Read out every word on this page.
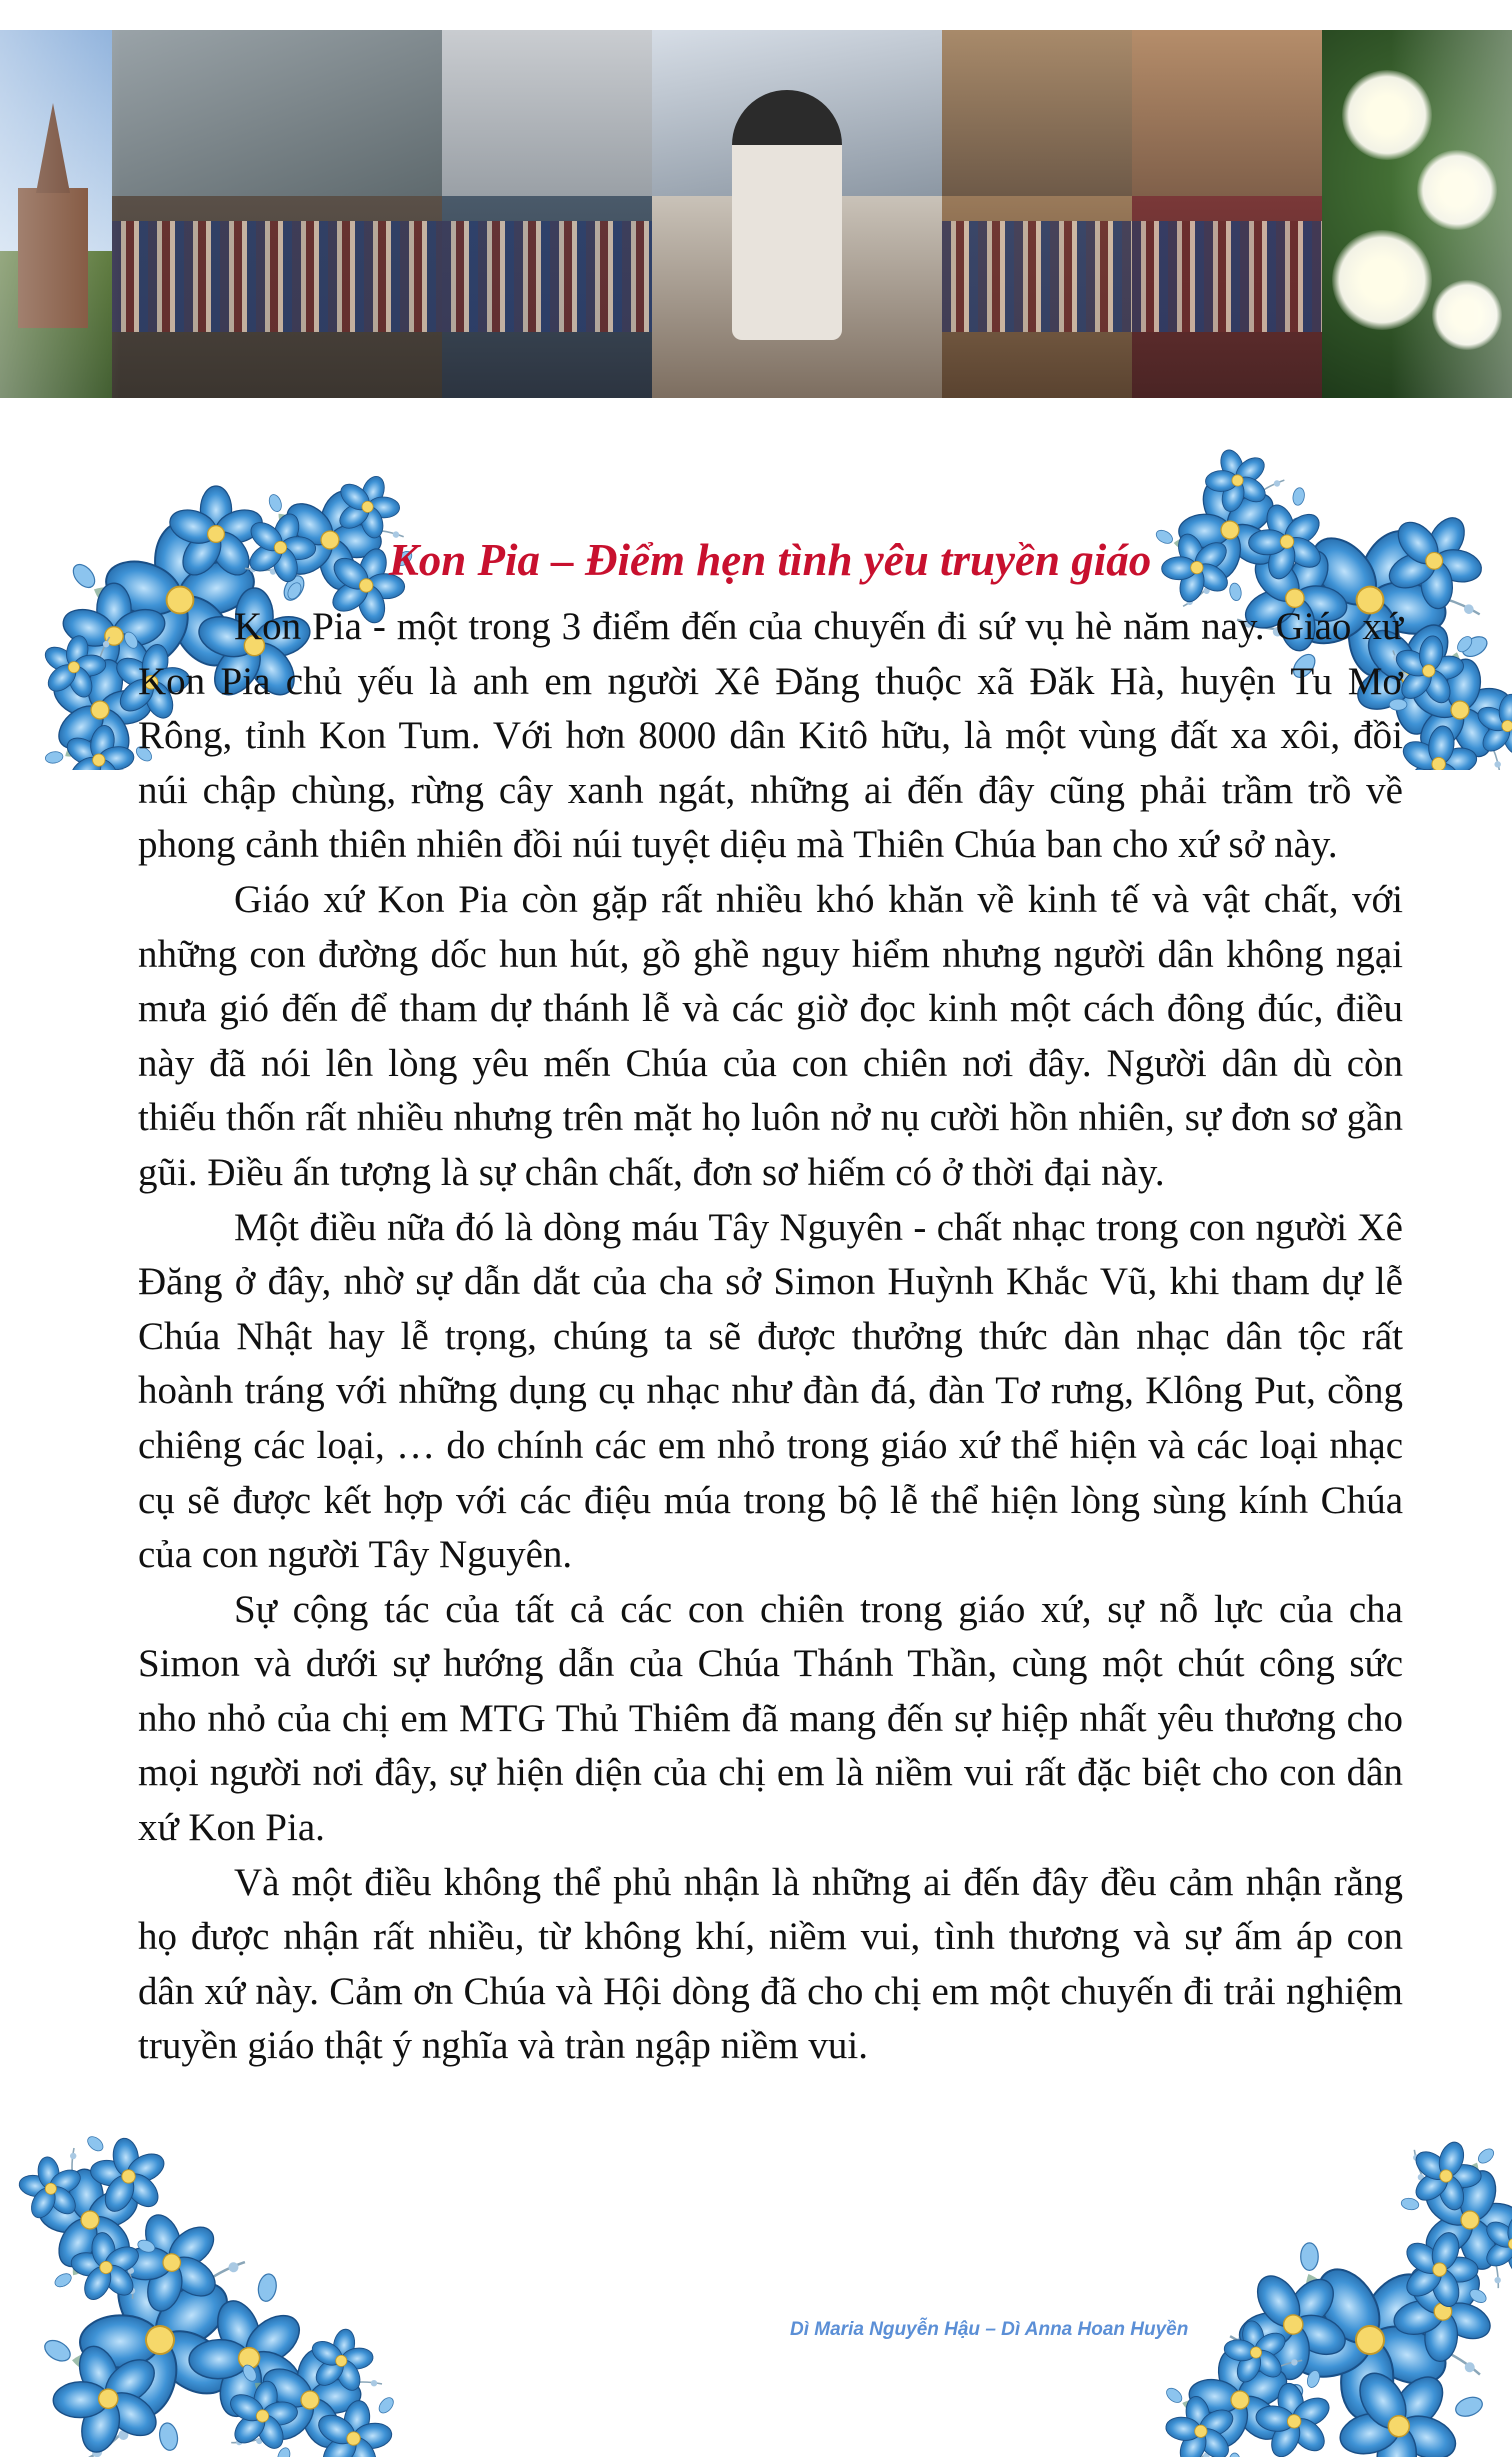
Kon Pia – Điểm hẹn tình yêu truyền giáo

Kon Pia - một trong 3 điểm đến của chuyến đi sứ vụ hè năm nay. Giáo xứ Kon Pia chủ yếu là anh em người Xê Đăng thuộc xã Đăk Hà, huyện Tu Mơ Rông, tỉnh Kon Tum. Với hơn 8000 dân Kitô hữu, là một vùng đất xa xôi, đồi núi chập chùng, rừng cây xanh ngát, những ai đến đây cũng phải trầm trồ về phong cảnh thiên nhiên đồi núi tuyệt diệu mà Thiên Chúa ban cho xứ sở này.

Giáo xứ Kon Pia còn gặp rất nhiều khó khăn về kinh tế và vật chất, với những con đường dốc hun hút, gồ ghề nguy hiểm nhưng người dân không ngại mưa gió đến để tham dự thánh lễ và các giờ đọc kinh một cách đông đúc, điều này đã nói lên lòng yêu mến Chúa của con chiên nơi đây. Người dân dù còn thiếu thốn rất nhiều nhưng trên mặt họ luôn nở nụ cười hồn nhiên, sự đơn sơ gần gũi. Điều ấn tượng là sự chân chất, đơn sơ hiếm có ở thời đại này.

Một điều nữa đó là dòng máu Tây Nguyên - chất nhạc trong con người Xê Đăng ở đây, nhờ sự dẫn dắt của cha sở Simon Huỳnh Khắc Vũ, khi tham dự lễ Chúa Nhật hay lễ trọng, chúng ta sẽ được thưởng thức dàn nhạc dân tộc rất hoành tráng với những dụng cụ nhạc như đàn đá, đàn Tơ rưng, Klông Put, cồng chiêng các loại, … do chính các em nhỏ trong giáo xứ thể hiện và các loại nhạc cụ sẽ được kết hợp với các điệu múa trong bộ lễ thể hiện lòng sùng kính Chúa của con người Tây Nguyên.

Sự cộng tác của tất cả các con chiên trong giáo xứ, sự nỗ lực của cha Simon và dưới sự hướng dẫn của Chúa Thánh Thần, cùng một chút công sức nho nhỏ của chị em MTG Thủ Thiêm đã mang đến sự hiệp nhất yêu thương cho mọi người nơi đây, sự hiện diện của chị em là niềm vui rất đặc biệt cho con dân xứ Kon Pia.

Và một điều không thể phủ nhận là những ai đến đây đều cảm nhận rằng họ được nhận rất nhiều, từ không khí, niềm vui, tình thương và sự ấm áp con dân xứ này. Cảm ơn Chúa và Hội dòng đã cho chị em một chuyến đi trải nghiệm truyền giáo thật ý nghĩa và tràn ngập niềm vui.

Dì Maria Nguyễn Hậu – Dì Anna Hoan Huyền
